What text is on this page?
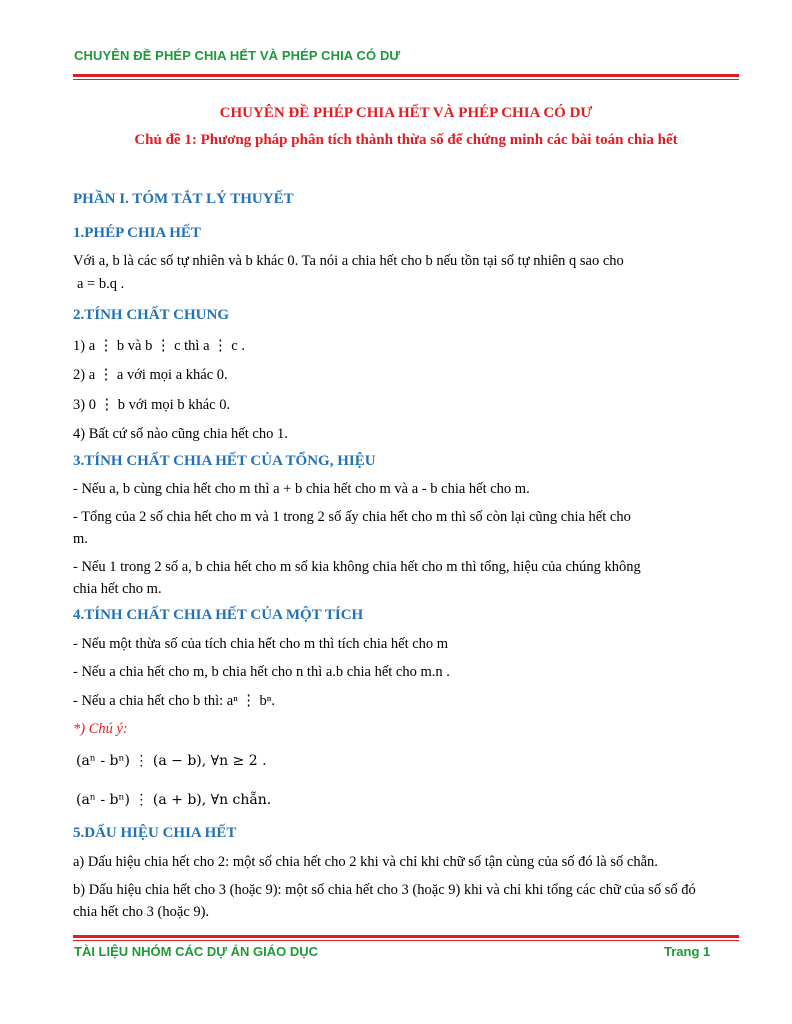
CHUYÊN ĐỀ PHÉP CHIA HẾT VÀ PHÉP CHIA CÓ DƯ
CHUYÊN ĐỀ PHÉP CHIA HẾT VÀ PHÉP CHIA CÓ DƯ
Chủ đề 1: Phương pháp phân tích thành thừa số để chứng minh các bài toán chia hết
PHẦN I. TÓM TẮT LÝ THUYẾT
1.PHÉP CHIA HẾT
Với a, b là các số tự nhiên và b khác 0. Ta nói a chia hết cho b nếu tồn tại số tự nhiên q sao cho
a = b.q .
2.TÍNH CHẤT CHUNG
1) a ⋮ b và b ⋮ c thì a ⋮ c .
2) a ⋮ a với mọi a khác 0.
3) 0 ⋮ b với mọi b khác 0.
4) Bất cứ số nào cũng chia hết cho 1.
3.TÍNH CHẤT CHIA HẾT CỦA TỔNG, HIỆU
- Nếu a, b cùng chia hết cho m thì a + b chia hết cho m và a - b chia hết cho m.
- Tổng của 2 số chia hết cho m và 1 trong 2 số ấy chia hết cho m thì số còn lại cũng chia hết cho
m.
- Nếu 1 trong 2 số a, b chia hết cho m số kia không chia hết cho m thì tổng, hiệu của chúng không
chia hết cho m.
4.TÍNH CHẤT CHIA HẾT CỦA MỘT TÍCH
- Nếu một thừa số của tích chia hết cho m thì tích chia hết cho m
- Nếu a chia hết cho m, b chia hết cho n thì a.b chia hết cho m.n .
- Nếu a chia hết cho b thì: aⁿ ⋮ bⁿ.
*) Chú ý:
(aⁿ - bⁿ) ⋮ (a − b), ∀n ≥ 2 .
(aⁿ - bⁿ) ⋮ (a + b), ∀n chẵn.
5.DẤU HIỆU CHIA HẾT
a) Dấu hiệu chia hết cho 2: một số chia hết cho 2 khi và chỉ khi chữ số tận cùng của số đó là số chẵn.
b) Dấu hiệu chia hết cho 3 (hoặc 9): một số chia hết cho 3 (hoặc 9) khi và chỉ khi tổng các chữ của số số đó
chia hết cho 3 (hoặc 9).
TÀI LIỆU NHÓM CÁC DỰ ÁN GIÁO DỤC	Trang 1
